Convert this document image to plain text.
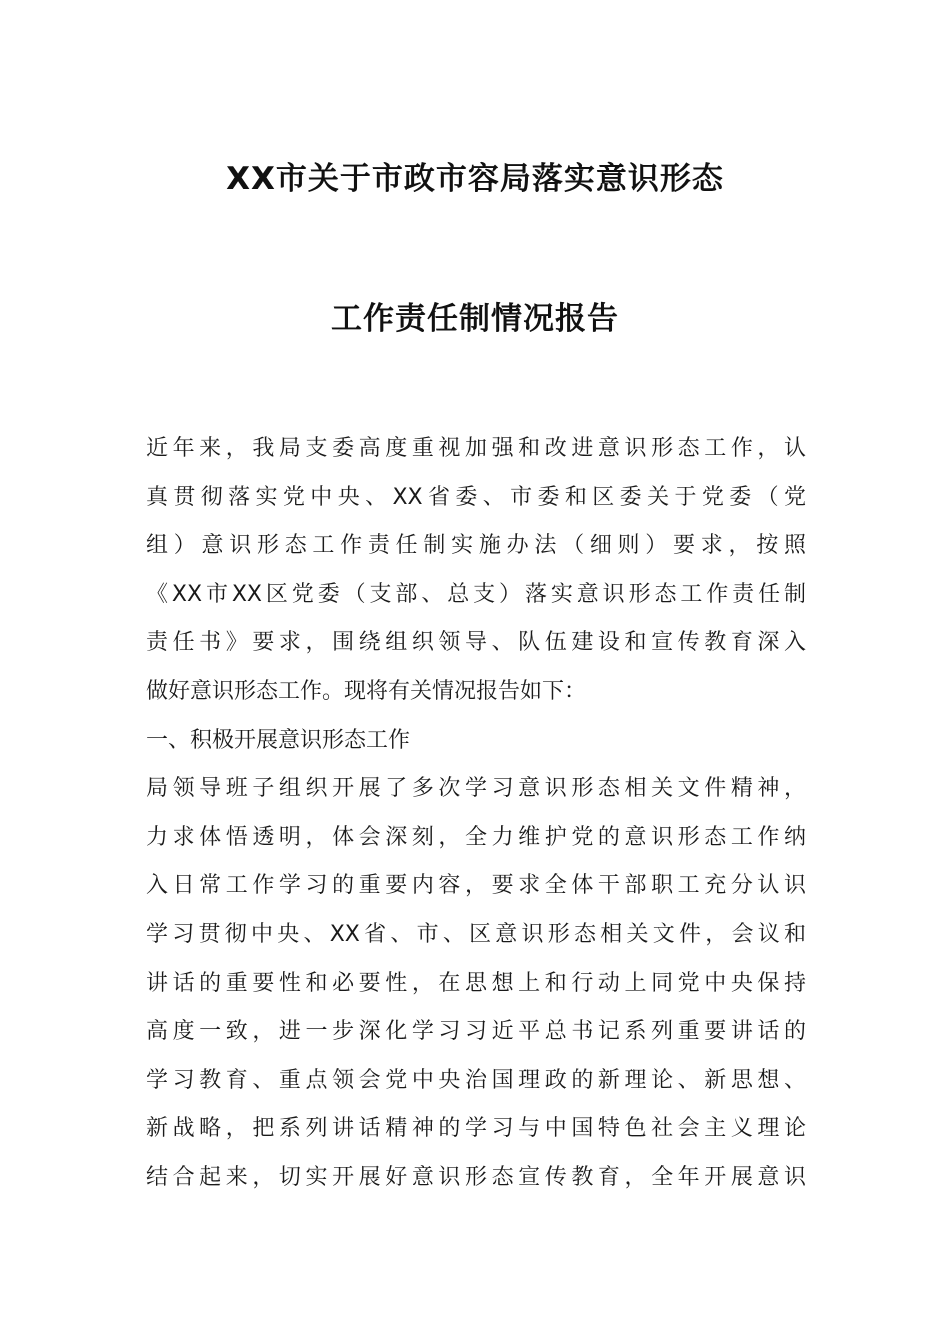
XX市关于市政市容局落实意识形态
工作责任制情况报告
近年来，我局支委高度重视加强和改进意识形态工作，认
真贯彻落实党中央、XX省委、市委和区委关于党委（党
组）意识形态工作责任制实施办法（细则）要求，按照
《XX市XX区党委（支部、总支）落实意识形态工作责任制
责任书》要求，围绕组织领导、队伍建设和宣传教育深入
做好意识形态工作。现将有关情况报告如下：
一、积极开展意识形态工作
局领导班子组织开展了多次学习意识形态相关文件精神，
力求体悟透明，体会深刻，全力维护党的意识形态工作纳
入日常工作学习的重要内容，要求全体干部职工充分认识
学习贯彻中央、XX省、市、区意识形态相关文件，会议和
讲话的重要性和必要性，在思想上和行动上同党中央保持
高度一致，进一步深化学习习近平总书记系列重要讲话的
学习教育、重点领会党中央治国理政的新理论、新思想、
新战略，把系列讲话精神的学习与中国特色社会主义理论
结合起来，切实开展好意识形态宣传教育，全年开展意识
